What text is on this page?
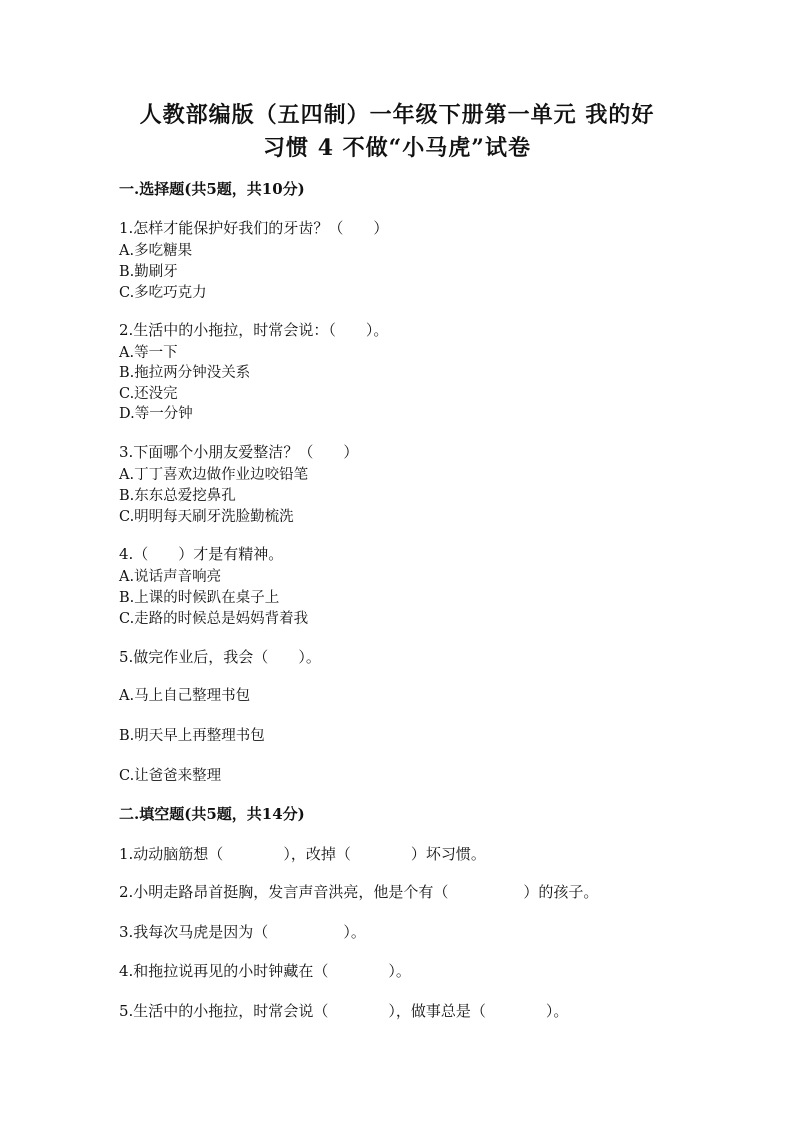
人教部编版（五四制）一年级下册第一单元 我的好
习惯 4 不做“小马虎”试卷
一.选择题(共5题，共10分)
1.怎样才能保护好我们的牙齿？（　　）
A.多吃糖果
B.勤刷牙
C.多吃巧克力
2.生活中的小拖拉，时常会说：（　　）。
A.等一下
B.拖拉两分钟没关系
C.还没完
D.等一分钟
3.下面哪个小朋友爱整洁？（　　）
A.丁丁喜欢边做作业边咬铅笔
B.东东总爱挖鼻孔
C.明明每天刷牙洗脸勤梳洗
4.（　　）才是有精神。
A.说话声音响亮
B.上课的时候趴在桌子上
C.走路的时候总是妈妈背着我
5.做完作业后，我会（　　）。
A.马上自己整理书包
B.明天早上再整理书包
C.让爸爸来整理
二.填空题(共5题，共14分)
1.动动脑筋想（　　　　），改掉（　　　　）坏习惯。
2.小明走路昂首挺胸，发言声音洪亮，他是个有（　　　　　）的孩子。
3.我每次马虎是因为（　　　　　）。
4.和拖拉说再见的小时钟藏在（　　　　）。
5.生活中的小拖拉，时常会说（　　　　），做事总是（　　　　）。
